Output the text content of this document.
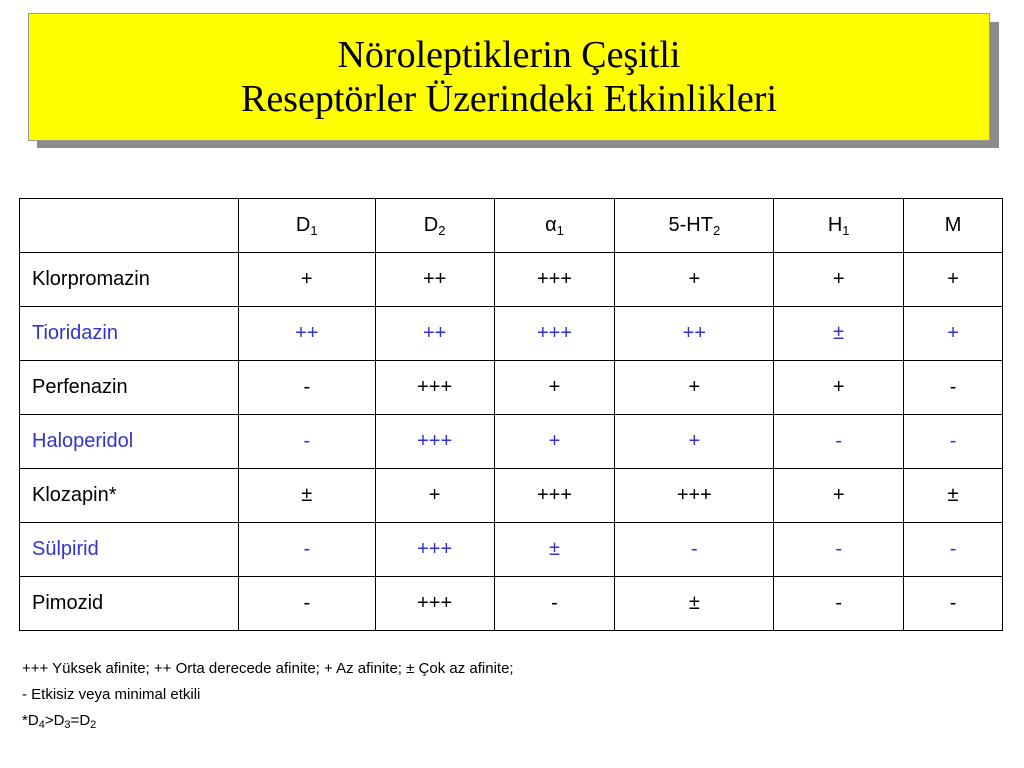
Nöroleptiklerin Çeşitli
Reseptörler Üzerindeki Etkinlikleri
	$D_1$	$D_2$	$\alpha_1$	$5-HT_2$	$H_1$	M
Klorpromazin	+	++	+++	+	+	+
Tioridazin	++	++	+++	++	±	+
Perfenazin	-	+++	+	+	+	-
Haloperidol	-	+++	+	+	-	-
Klozapin*	±	+	+++	+++	+	±
Sülpirid	-	+++	±	-	-	-
Pimozid	-	+++	-	±	-	-
+++ Yüksek afinite; ++ Orta derecede afinite; + Az afinite; ± Çok az afinite;
- Etkisiz veya minimal etkili
$*D_4>D_3=D_2$
